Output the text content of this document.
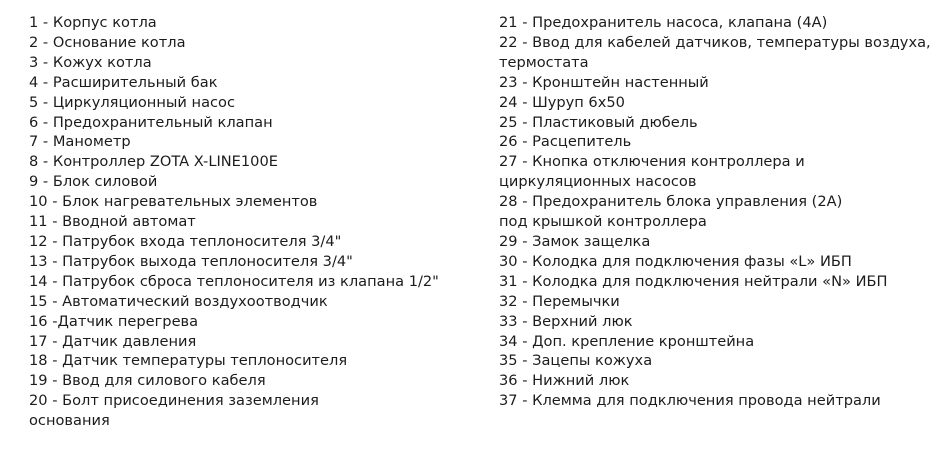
1 - Корпус котла
2 - Основание котла
3 - Кожух котла
4 - Расширительный бак
5 - Циркуляционный насос
6 - Предохранительный клапан
7 - Манометр
8 - Контроллер ZOTA X-LINE100E
9 - Блок силовой
10 - Блок нагревательных элементов
11 - Вводной автомат
12 - Патрубок входа теплоносителя 3/4"
13 - Патрубок выхода теплоносителя 3/4"
14 - Патрубок сброса теплоносителя из клапана 1/2"
15 - Автоматический воздухоотводчик
16 -Датчик перегрева
17 - Датчик давления
18 - Датчик температуры теплоносителя
19 - Ввод для силового кабеля
20 - Болт присоединения заземления
основания
21 - Предохранитель насоса, клапана (4А)
22 - Ввод для кабелей датчиков, температуры воздуха,
термостата
23 - Кронштейн настенный
24 - Шуруп 6х50
25 - Пластиковый дюбель
26 - Расцепитель
27 - Кнопка отключения контроллера и
циркуляционных насосов
28 - Предохранитель блока управления (2А)
под крышкой контроллера
29 - Замок защелка
30 - Колодка для подключения фазы «L» ИБП
31 - Колодка для подключения нейтрали «N» ИБП
32 - Перемычки
33 - Верхний люк
34 - Доп. крепление кронштейна
35 - Зацепы кожуха
36 - Нижний люк
37 - Клемма для подключения провода нейтрали
